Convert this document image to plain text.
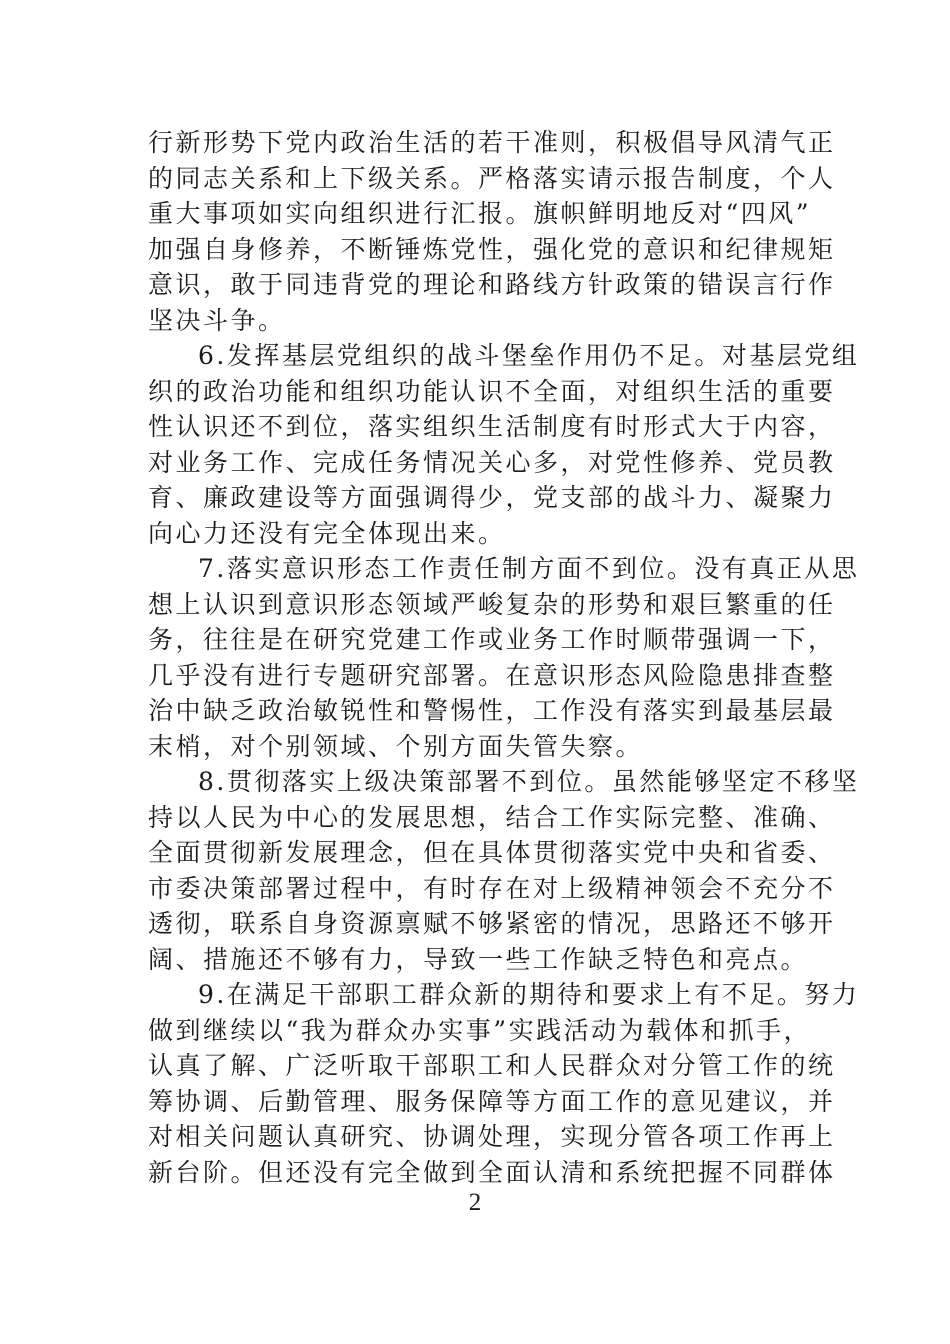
行新形势下党内政治生活的若干准则，积极倡导风清气正
的同志关系和上下级关系。严格落实请示报告制度，个人
重大事项如实向组织进行汇报。旗帜鲜明地反对“四风”
加强自身修养，不断锤炼党性，强化党的意识和纪律规矩
意识，敢于同违背党的理论和路线方针政策的错误言行作
坚决斗争。
6.发挥基层党组织的战斗堡垒作用仍不足。对基层党组
织的政治功能和组织功能认识不全面，对组织生活的重要
性认识还不到位，落实组织生活制度有时形式大于内容，
对业务工作、完成任务情况关心多，对党性修养、党员教
育、廉政建设等方面强调得少，党支部的战斗力、凝聚力
向心力还没有完全体现出来。
7.落实意识形态工作责任制方面不到位。没有真正从思
想上认识到意识形态领域严峻复杂的形势和艰巨繁重的任
务，往往是在研究党建工作或业务工作时顺带强调一下，
几乎没有进行专题研究部署。在意识形态风险隐患排查整
治中缺乏政治敏锐性和警惕性，工作没有落实到最基层最
末梢，对个别领域、个别方面失管失察。
8.贯彻落实上级决策部署不到位。虽然能够坚定不移坚
持以人民为中心的发展思想，结合工作实际完整、准确、
全面贯彻新发展理念，但在具体贯彻落实党中央和省委、
市委决策部署过程中，有时存在对上级精神领会不充分不
透彻，联系自身资源禀赋不够紧密的情况，思路还不够开
阔、措施还不够有力，导致一些工作缺乏特色和亮点。
9.在满足干部职工群众新的期待和要求上有不足。努力
做到继续以“我为群众办实事”实践活动为载体和抓手，
认真了解、广泛听取干部职工和人民群众对分管工作的统
筹协调、后勤管理、服务保障等方面工作的意见建议，并
对相关问题认真研究、协调处理，实现分管各项工作再上
新台阶。但还没有完全做到全面认清和系统把握不同群体
2
